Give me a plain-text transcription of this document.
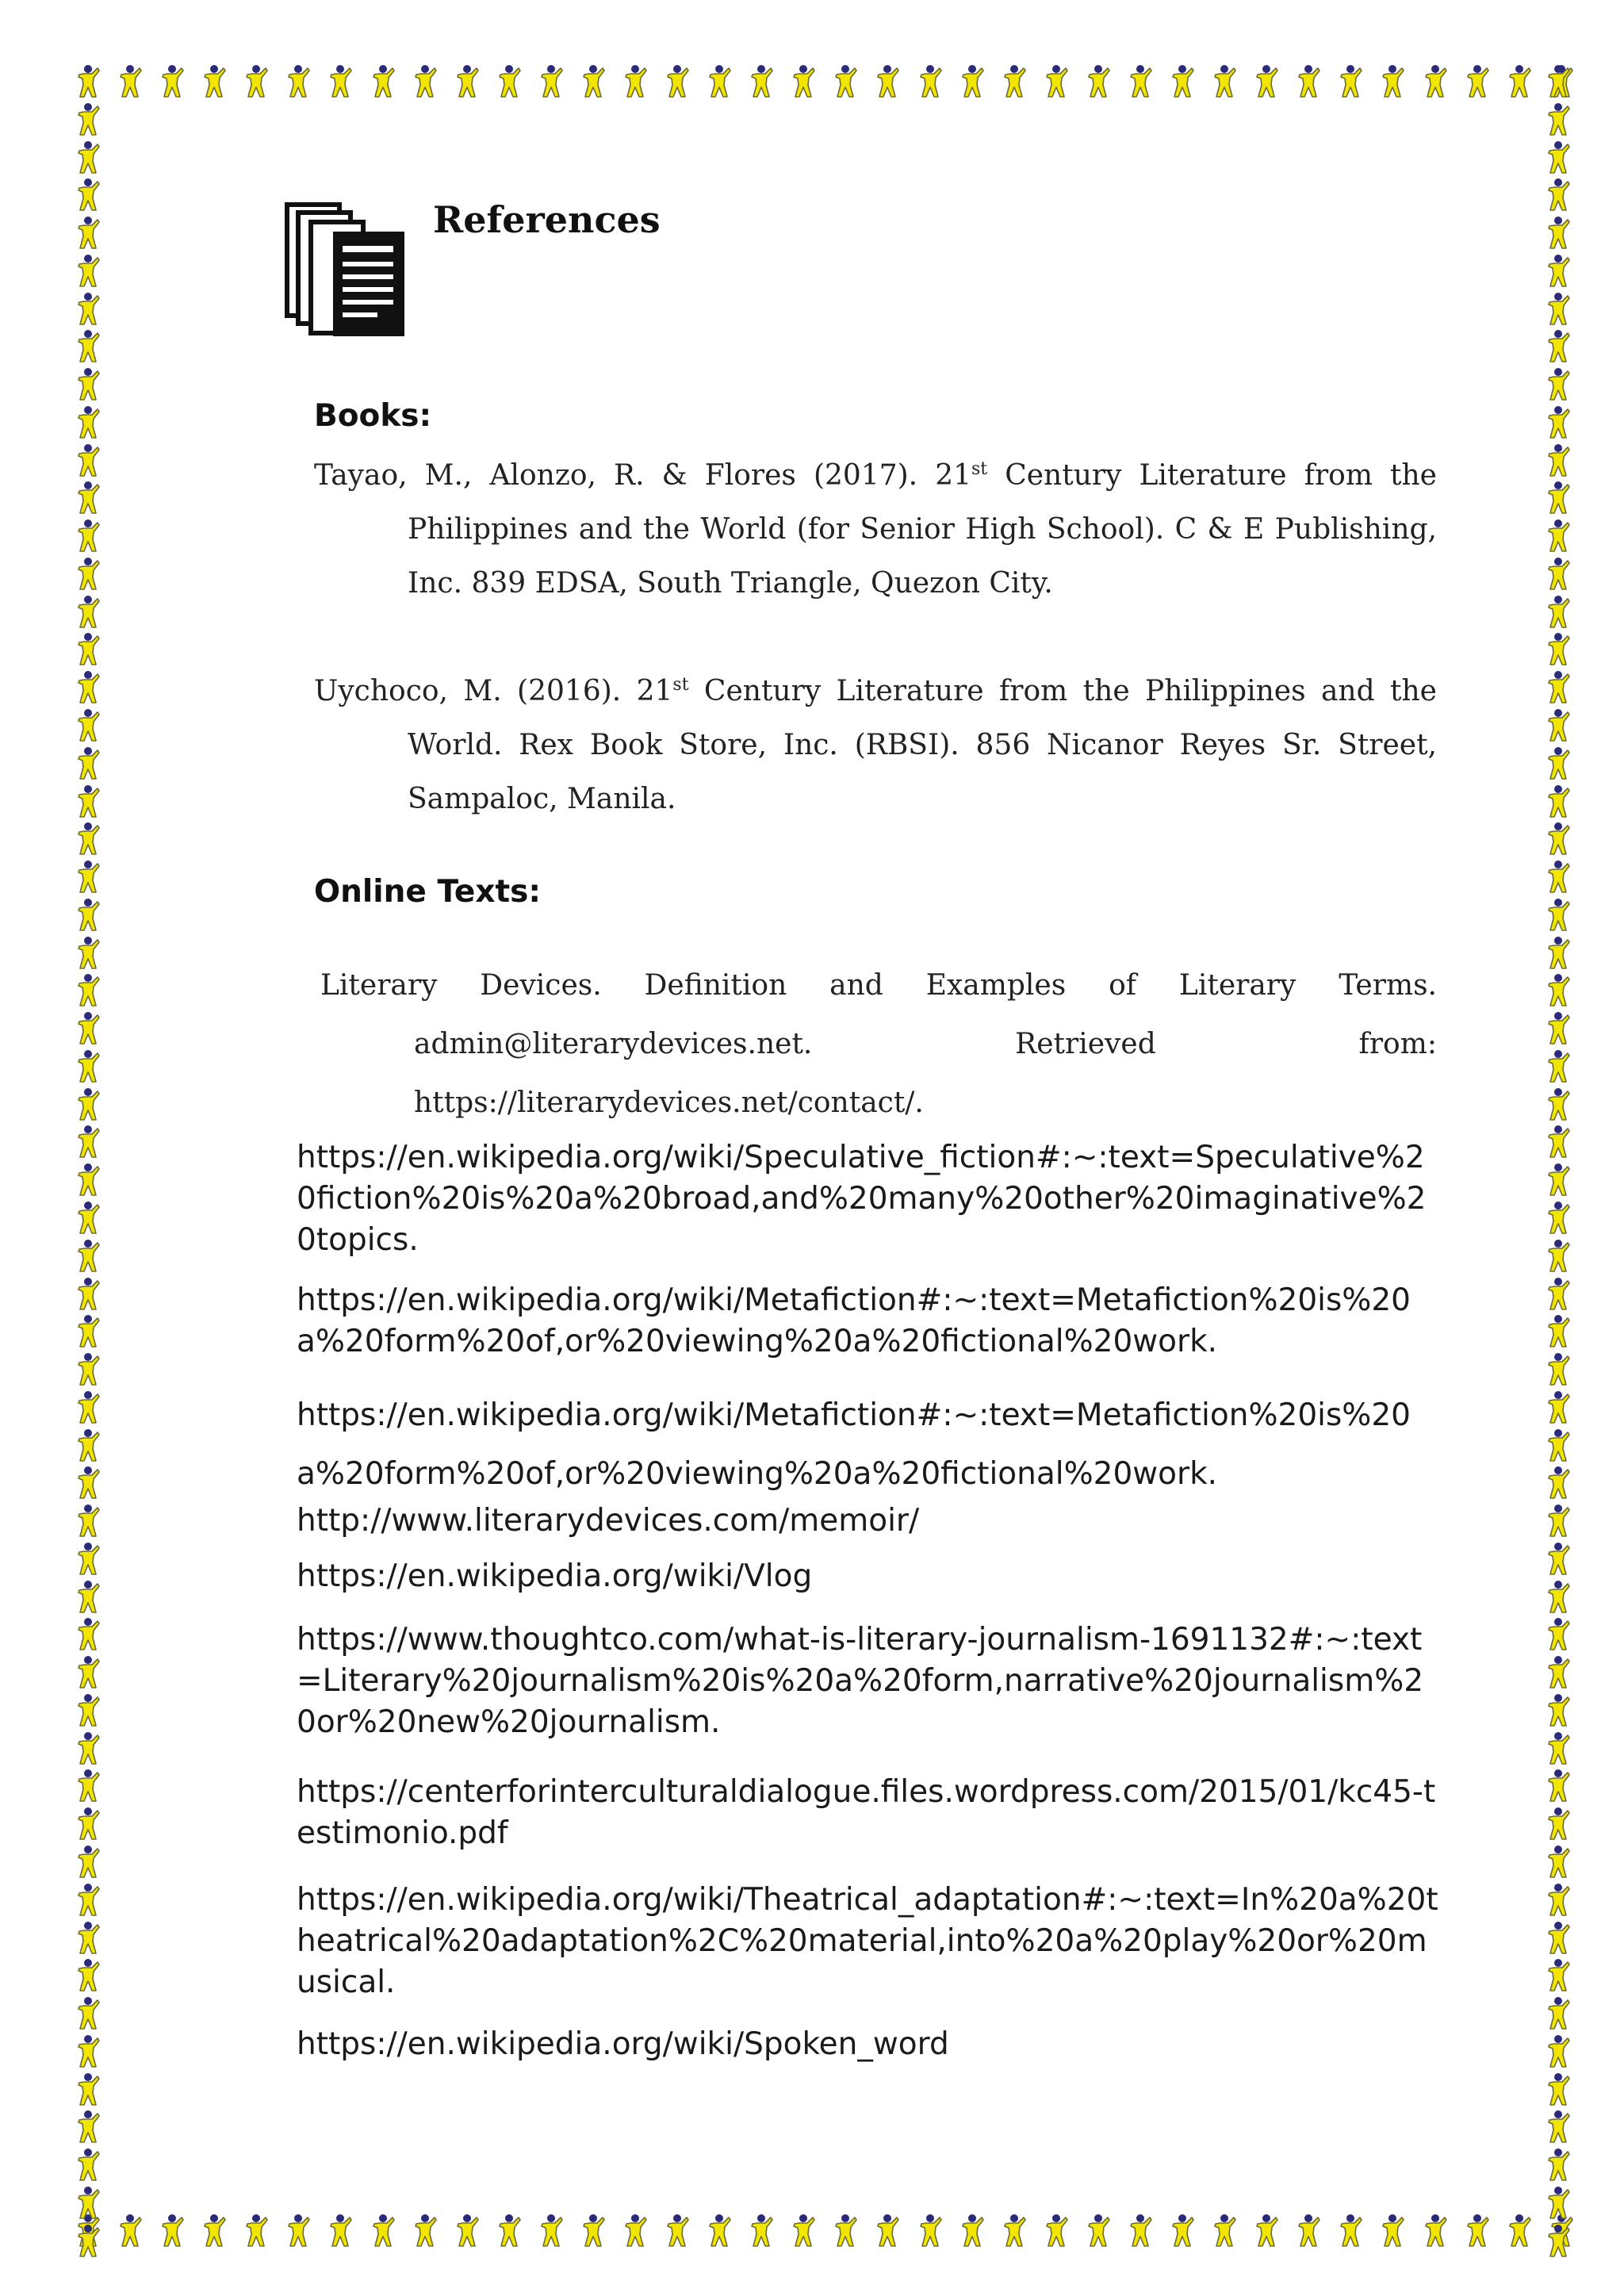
References
Books:

Tayao, M., Alonzo, R. & Flores (2017). 21st Century Literature from the Philippines and the World (for Senior High School). C & E Publishing, Inc. 839 EDSA, South Triangle, Quezon City.

Uychoco, M. (2016). 21st Century Literature from the Philippines and the World. Rex Book Store, Inc. (RBSI). 856 Nicanor Reyes Sr. Street, Sampaloc, Manila.

Online Texts:
Literary Devices. Definition and Examples of Literary Terms.
admin@literarydevices.net.	Retrieved	from:
https://literarydevices.net/contact/.

https://en.wikipedia.org/wiki/Speculative_fiction#:~:text=Speculative%20fiction%20is%20a%20broad,and%20many%20other%20imaginative%20topics.

https://en.wikipedia.org/wiki/Metafiction#:~:text=Metafiction%20is%20a%20form%20of,or%20viewing%20a%20fictional%20work.

https://en.wikipedia.org/wiki/Metafiction#:~:text=Metafiction%20is%20a%20form%20of,or%20viewing%20a%20fictional%20work.

http://www.literarydevices.com/memoir/

https://en.wikipedia.org/wiki/Vlog

https://www.thoughtco.com/what-is-literary-journalism-1691132#:~:text=Literary%20journalism%20is%20a%20form,narrative%20journalism%20or%20new%20journalism.

https://centerforinterculturaldialogue.files.wordpress.com/2015/01/kc45-testimonio.pdf

https://en.wikipedia.org/wiki/Theatrical_adaptation#:~:text=In%20a%20theatrical%20adaptation%2C%20material,into%20a%20play%20or%20musical.

https://en.wikipedia.org/wiki/Spoken_word
